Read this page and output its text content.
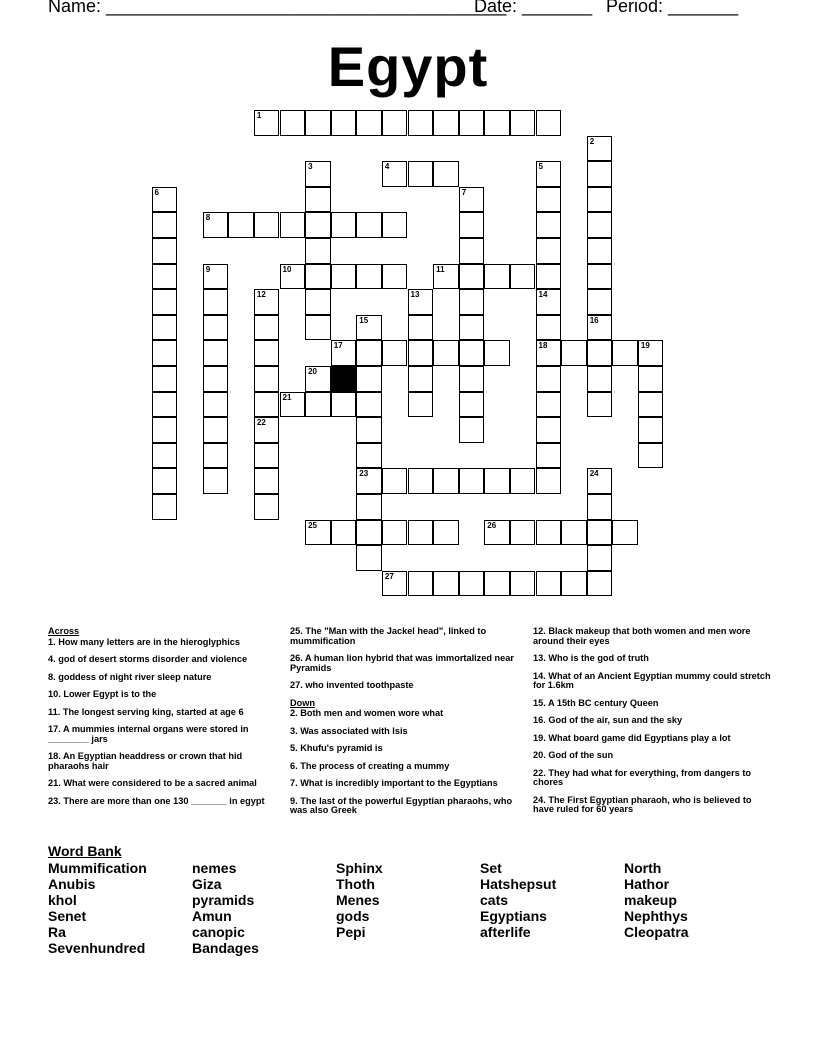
Name: ________________________________________
Date: _______ Period: _______
Egypt
1
4
8
10	11
17	18	19
21
23
25	26
27
2
3	5
14
6	7
9
12
22
13
15	16
20
24
Across
1. How many letters are in the hieroglyphics
4. god of desert storms disorder and violence
8. goddess of night river sleep nature
10. Lower Egypt is to the
11. The longest serving king, started at age 6
17. A mummies internal organs were stored in ________ jars
18. An Egyptian headdress or crown that hid pharaohs hair
21. What were considered to be a sacred animal
23. There are more than one 130 _______ in egypt
25. The "Man with the Jackel head", linked to mummification
26. A human lion hybrid that was immortalized near Pyramids
27. who invented toothpaste
Down
2. Both men and women wore what
3. Was associated with Isis
5. Khufu's pyramid is
6. The process of creating a mummy
7. What is incredibly important to the Egyptians
9. The last of the powerful Egyptian pharaohs, who was also Greek
12. Black makeup that both women and men wore around their eyes
13. Who is the god of truth
14. What of an Ancient Egyptian mummy could stretch for 1.6km
15. A 15th BC century Queen
16. God of the air, sun and the sky
19. What board game did Egyptians play a lot
20. God of the sun
22. They had what for everything, from dangers to chores
24. The First Egyptian pharaoh, who is believed to have ruled for 60 years
Word Bank
Mummification
Anubis
khol
Senet
Ra
Sevenhundred
nemes
Giza
pyramids
Amun
canopic
Bandages
Sphinx
Thoth
Menes
gods
Pepi
Set
Hatshepsut
cats
Egyptians
afterlife
North
Hathor
makeup
Nephthys
Cleopatra
